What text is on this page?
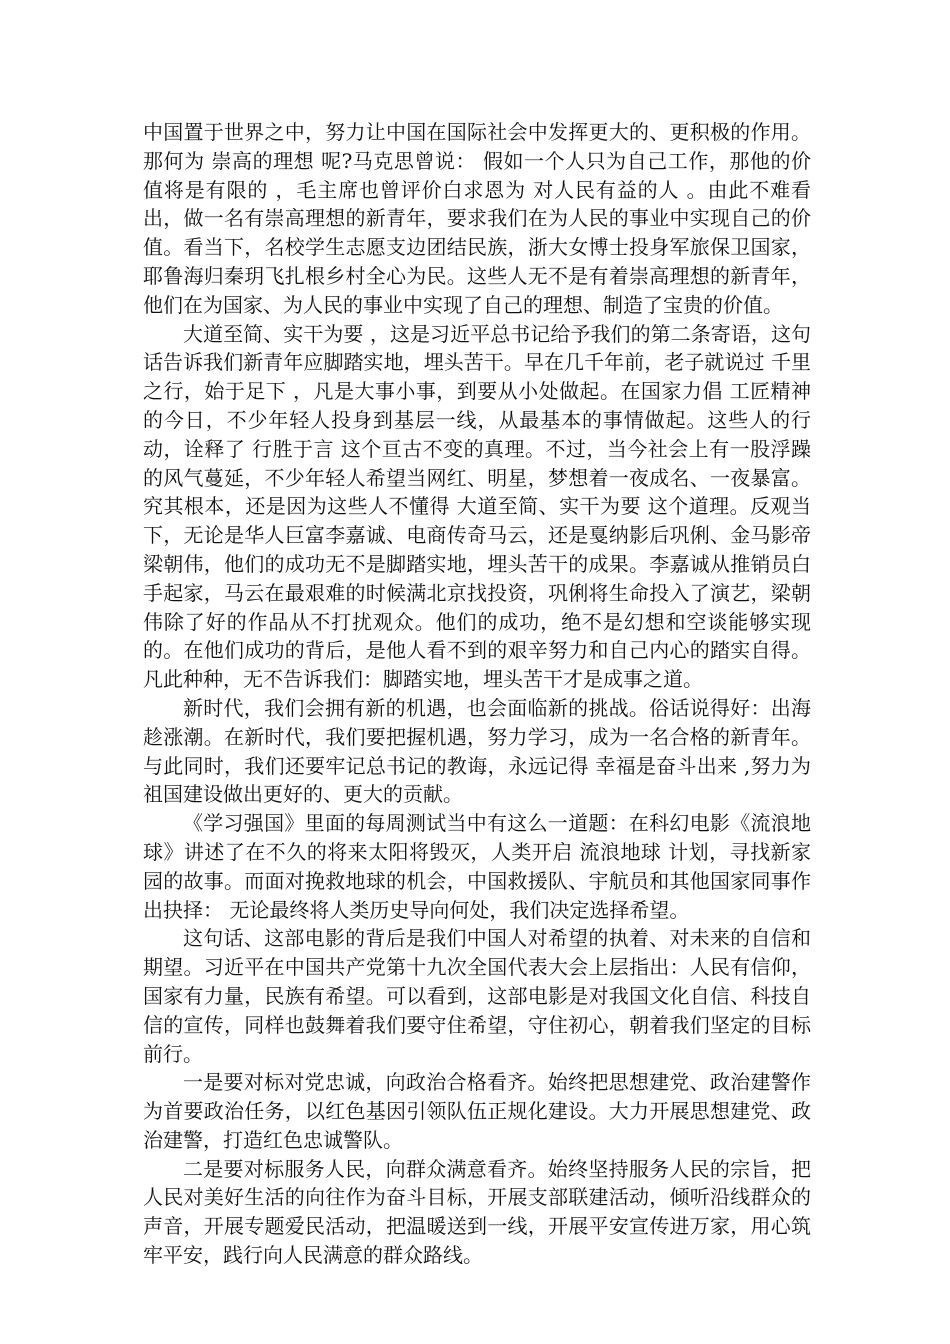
中国置于世界之中，努力让中国在国际社会中发挥更大的、更积极的作用。那何为 崇高的理想 呢?马克思曾说： 假如一个人只为自己工作，那他的价值将是有限的 ，毛主席也曾评价白求恩为 对人民有益的人 。由此不难看出，做一名有崇高理想的新青年，要求我们在为人民的事业中实现自己的价值。看当下，名校学生志愿支边团结民族，浙大女博士投身军旅保卫国家，耶鲁海归秦玥飞扎根乡村全心为民。这些人无不是有着崇高理想的新青年，他们在为国家、为人民的事业中实现了自己的理想、制造了宝贵的价值。

大道至简、实干为要 ，这是习近平总书记给予我们的第二条寄语，这句话告诉我们新青年应脚踏实地，埋头苦干。早在几千年前，老子就说过 千里之行，始于足下 ，凡是大事小事，到要从小处做起。在国家力倡 工匠精神 的今日，不少年轻人投身到基层一线，从最基本的事情做起。这些人的行动，诠释了 行胜于言 这个亘古不变的真理。不过，当今社会上有一股浮躁的风气蔓延，不少年轻人希望当网红、明星，梦想着一夜成名、一夜暴富。究其根本，还是因为这些人不懂得 大道至简、实干为要 这个道理。反观当下，无论是华人巨富李嘉诚、电商传奇马云，还是戛纳影后巩俐、金马影帝梁朝伟，他们的成功无不是脚踏实地，埋头苦干的成果。李嘉诚从推销员白手起家，马云在最艰难的时候满北京找投资，巩俐将生命投入了演艺，梁朝伟除了好的作品从不打扰观众。他们的成功，绝不是幻想和空谈能够实现的。在他们成功的背后，是他人看不到的艰辛努力和自己内心的踏实自得。凡此种种，无不告诉我们：脚踏实地，埋头苦干才是成事之道。

新时代，我们会拥有新的机遇，也会面临新的挑战。俗话说得好：出海趁涨潮。在新时代，我们要把握机遇，努力学习，成为一名合格的新青年。与此同时，我们还要牢记总书记的教诲，永远记得 幸福是奋斗出来 ,努力为祖国建设做出更好的、更大的贡献。

《学习强国》里面的每周测试当中有这么一道题：在科幻电影《流浪地球》讲述了在不久的将来太阳将毁灭，人类开启 流浪地球 计划，寻找新家园的故事。而面对挽救地球的机会，中国救援队、宇航员和其他国家同事作出抉择： 无论最终将人类历史导向何处，我们决定选择希望。

这句话、这部电影的背后是我们中国人对希望的执着、对未来的自信和期望。习近平在中国共产党第十九次全国代表大会上层指出：人民有信仰，国家有力量，民族有希望。可以看到，这部电影是对我国文化自信、科技自信的宣传，同样也鼓舞着我们要守住希望，守住初心，朝着我们坚定的目标前行。

一是要对标对党忠诚，向政治合格看齐。始终把思想建党、政治建警作为首要政治任务，以红色基因引领队伍正规化建设。大力开展思想建党、政治建警，打造红色忠诚警队。

二是要对标服务人民，向群众满意看齐。始终坚持服务人民的宗旨，把人民对美好生活的向往作为奋斗目标，开展支部联建活动，倾听沿线群众的声音，开展专题爱民活动，把温暖送到一线，开展平安宣传进万家，用心筑牢平安，践行向人民满意的群众路线。
